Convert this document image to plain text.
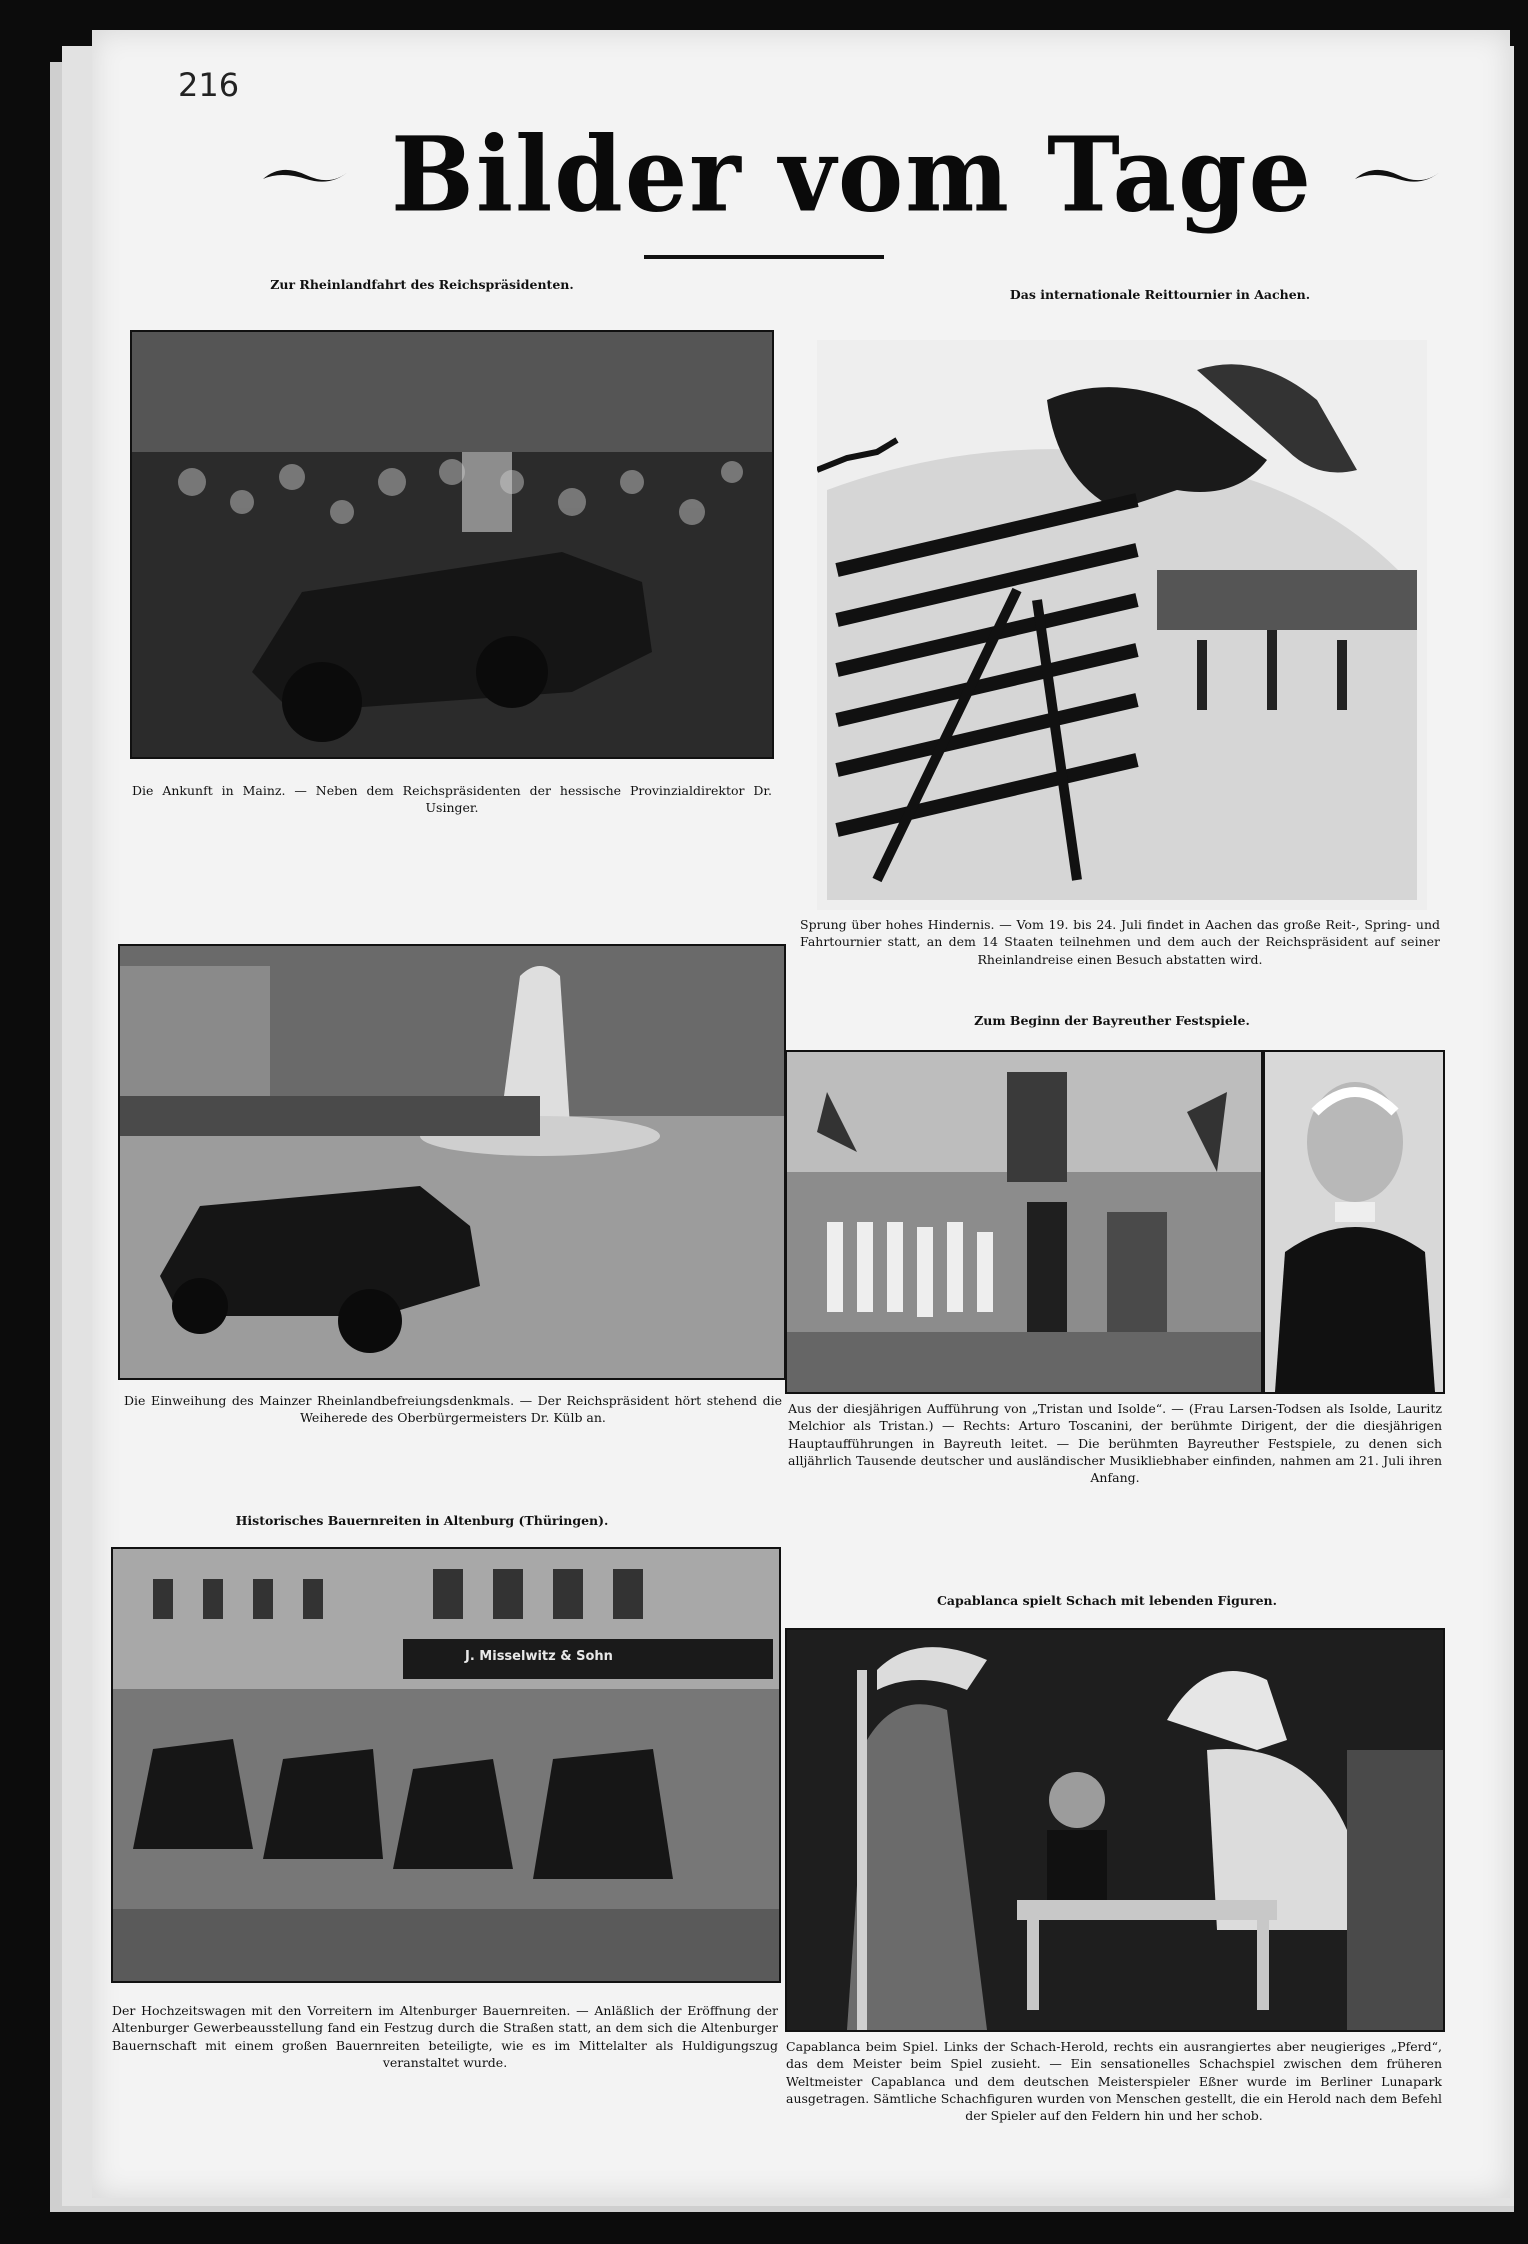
216
Bilder vom Tage
Zur Rheinlandfahrt des Reichspräsidenten.
Die Ankunft in Mainz. — Neben dem Reichspräsidenten der hessische Provinzialdirektor Dr. Usinger.
Das internationale Reittournier in Aachen.
Sprung über hohes Hindernis. — Vom 19. bis 24. Juli findet in Aachen das große Reit-, Spring- und Fahrtournier statt, an dem 14 Staaten teilnehmen und dem auch der Reichspräsident auf seiner Rheinlandreise einen Besuch abstatten wird.
Die Einweihung des Mainzer Rheinlandbefreiungsdenkmals. — Der Reichspräsident hört stehend die Weiherede des Oberbürgermeisters Dr. Külb an.
Zum Beginn der Bayreuther Festspiele.
Aus der diesjährigen Aufführung von „Tristan und Isolde“. — (Frau Larsen-Todsen als Isolde, Lauritz Melchior als Tristan.) — Rechts: Arturo Toscanini, der berühmte Dirigent, der die diesjährigen Hauptaufführungen in Bayreuth leitet. — Die berühmten Bayreuther Festspiele, zu denen sich alljährlich Tausende deutscher und ausländischer Musikliebhaber einfinden, nahmen am 21. Juli ihren Anfang.
Historisches Bauernreiten in Altenburg (Thüringen).
J. Misselwitz & Sohn
Der Hochzeitswagen mit den Vorreitern im Altenburger Bauernreiten. — Anläßlich der Eröffnung der Altenburger Gewerbeausstellung fand ein Festzug durch die Straßen statt, an dem sich die Altenburger Bauernschaft mit einem großen Bauernreiten beteiligte, wie es im Mittelalter als Huldigungszug veranstaltet wurde.
Capablanca spielt Schach mit lebenden Figuren.
Capablanca beim Spiel. Links der Schach-Herold, rechts ein ausrangiertes aber neugieriges „Pferd“, das dem Meister beim Spiel zusieht. — Ein sensationelles Schachspiel zwischen dem früheren Weltmeister Capablanca und dem deutschen Meisterspieler Eßner wurde im Berliner Lunapark ausgetragen. Sämtliche Schachfiguren wurden von Menschen gestellt, die ein Herold nach dem Befehl der Spieler auf den Feldern hin und her schob.
